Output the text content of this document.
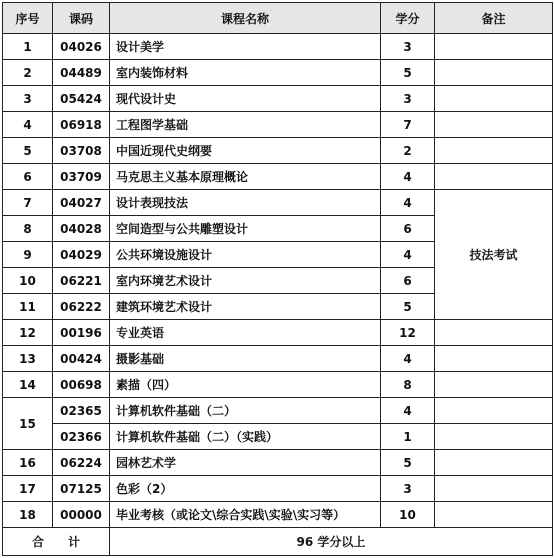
序号	课码	课程名称	学分	备注
1	04026	设计美学	3	
2	04489	室内装饰材料	5	
3	05424	现代设计史	3	
4	06918	工程图学基础	7	
5	03708	中国近现代史纲要	2	
6	03709	马克思主义基本原理概论	4	
7	04027	设计表现技法	4	技法考试
8	04028	空间造型与公共雕塑设计	6	
9	04029	公共环境设施设计	4	
10	06221	室内环境艺术设计	6	
11	06222	建筑环境艺术设计	5	
12	00196	专业英语	12	
13	00424	摄影基础	4	
14	00698	素描（四）	8	
15	02365	计算机软件基础（二）	4	
	02366	计算机软件基础（二）（实践）	1	
16	06224	园林艺术学	5	
17	07125	色彩（2）	3	
18	00000	毕业考核（或论文\综合实践\实验\实习等）	10	
合计		96 学分以上		
